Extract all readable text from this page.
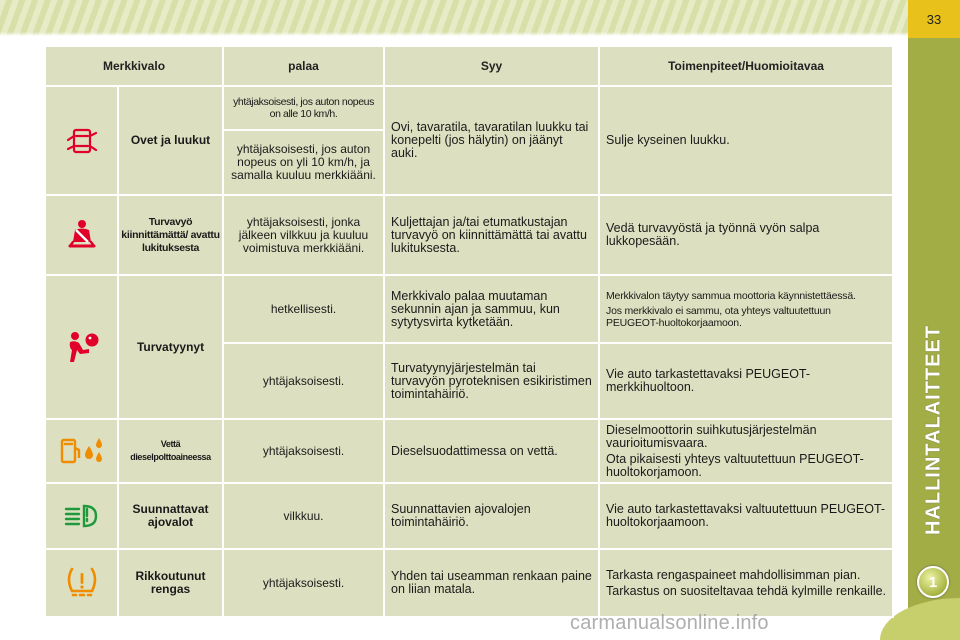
33
HALLINTALAITTEET
1
Merkkivalo		palaa	Syy	Toimenpiteet/Huomioitavaa
	Ovet ja luukut	yhtäjaksoisesti, jos auton nopeus on alle 10 km/h.	Ovi, tavaratila, tavaratilan luukku tai konepelti (jos hälytin) on jäänyt auki.	Sulje kyseinen luukku.
		yhtäjaksoisesti, jos auton nopeus on yli 10 km/h, ja samalla kuuluu merkkiääni.		
	Turvavyö kiinnittämättä/ avattu lukituksesta	yhtäjaksoisesti, jonka jälkeen vilkkuu ja kuuluu voimistuva merkkiääni.	Kuljettajan ja/tai etumatkustajan turvavyö on kiinnittämättä tai avattu lukituksesta.	Vedä turvavyöstä ja työnnä vyön salpa lukkopesään.
	Turvatyynyt	hetkellisesti.	Merkkivalo palaa muutaman sekunnin ajan ja sammuu, kun sytytysvirta kytketään.	Merkkivalon täytyy sammua moottoria käynnistettäessä.

Jos merkkivalo ei sammu, ota yhteys valtuutettuun PEUGEOT-huoltokorjaamoon.

		yhtäjaksoisesti.	Turvatyynyjärjestelmän tai turvavyön pyroteknisen esikiristimen toimintahäiriö.	Vie auto tarkastettavaksi PEUGEOT-merkkihuoltoon.
	Vettä dieselpolttoaineessa	yhtäjaksoisesti.	Dieselsuodattimessa on vettä.	Dieselmoottorin suihkutusjärjestelmän vaurioitumisvaara.

Ota pikaisesti yhteys valtuutettuun PEUGEOT-huoltokorjamoon.

	Suunnattavat ajovalot	vilkkuu.	Suunnattavien ajovalojen toimintahäiriö.	Vie auto tarkastettavaksi valtuutettuun PEUGEOT-huoltokorjaamoon.
	Rikkoutunut rengas	yhtäjaksoisesti.	Yhden tai useamman renkaan paine on liian matala.	Tarkasta rengaspaineet mahdollisimman pian.

Tarkastus on suositeltavaa tehdä kylmille renkaille.

carmanualsonline.info
